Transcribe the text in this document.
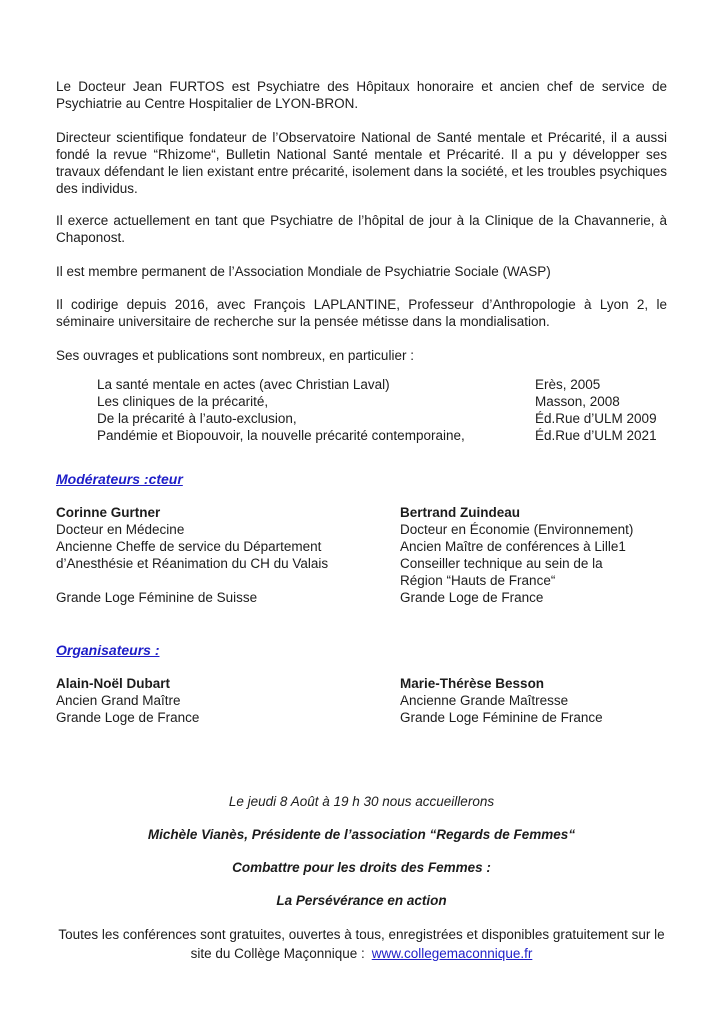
Le Docteur Jean FURTOS est Psychiatre des Hôpitaux honoraire et ancien chef de service de Psychiatrie au Centre Hospitalier de LYON-BRON.

Directeur scientifique fondateur de l’Observatoire National de Santé mentale et Précarité, il a aussi fondé la revue “Rhizome“, Bulletin National Santé mentale et Précarité. Il a pu y développer ses travaux défendant le lien existant entre précarité, isolement dans la société, et les troubles psychiques des individus.

Il exerce actuellement en tant que Psychiatre de l’hôpital de jour à la Clinique de la Chavannerie, à Chaponost.

Il est membre permanent de l’Association Mondiale de Psychiatrie Sociale (WASP)

Il codirige depuis 2016, avec François LAPLANTINE, Professeur d’Anthropologie à Lyon 2, le séminaire universitaire de recherche sur la pensée métisse dans la mondialisation.

Ses ouvrages et publications sont nombreux, en particulier :

La santé mentale en actes (avec Christian Laval)	Erès, 2005
Les cliniques de la précarité,	Masson, 2008
De la précarité à l’auto-exclusion,	Éd.Rue d’ULM 2009
Pandémie et Biopouvoir, la nouvelle précarité contemporaine,	Éd.Rue d’ULM 2021

Modérateurs :cteur

Corinne Gurtner
Docteur en Médecine
Ancienne Cheffe de service du Département
d’Anesthésie et Réanimation du CH du Valais
Grande Loge Féminine de Suisse
Bertrand Zuindeau
Docteur en Économie (Environnement)
Ancien Maître de conférences à Lille1
Conseiller technique au sein de la
Région “Hauts de France“
Grande Loge de France

Organisateurs :

Alain-Noël Dubart
Ancien Grand Maître
Grande Loge de France
Marie-Thérèse Besson
Ancienne Grande Maîtresse
Grande Loge Féminine de France
Le jeudi 8 Août à 19 h 30 nous accueillerons
Michèle Vianès, Présidente de l’association “Regards de Femmes“
Combattre pour les droits des Femmes :
La Persévérance en action
Toutes les conférences sont gratuites, ouvertes à tous, enregistrées et disponibles gratuitement sur le site du Collège Maçonnique : www.collegemaconnique.fr
